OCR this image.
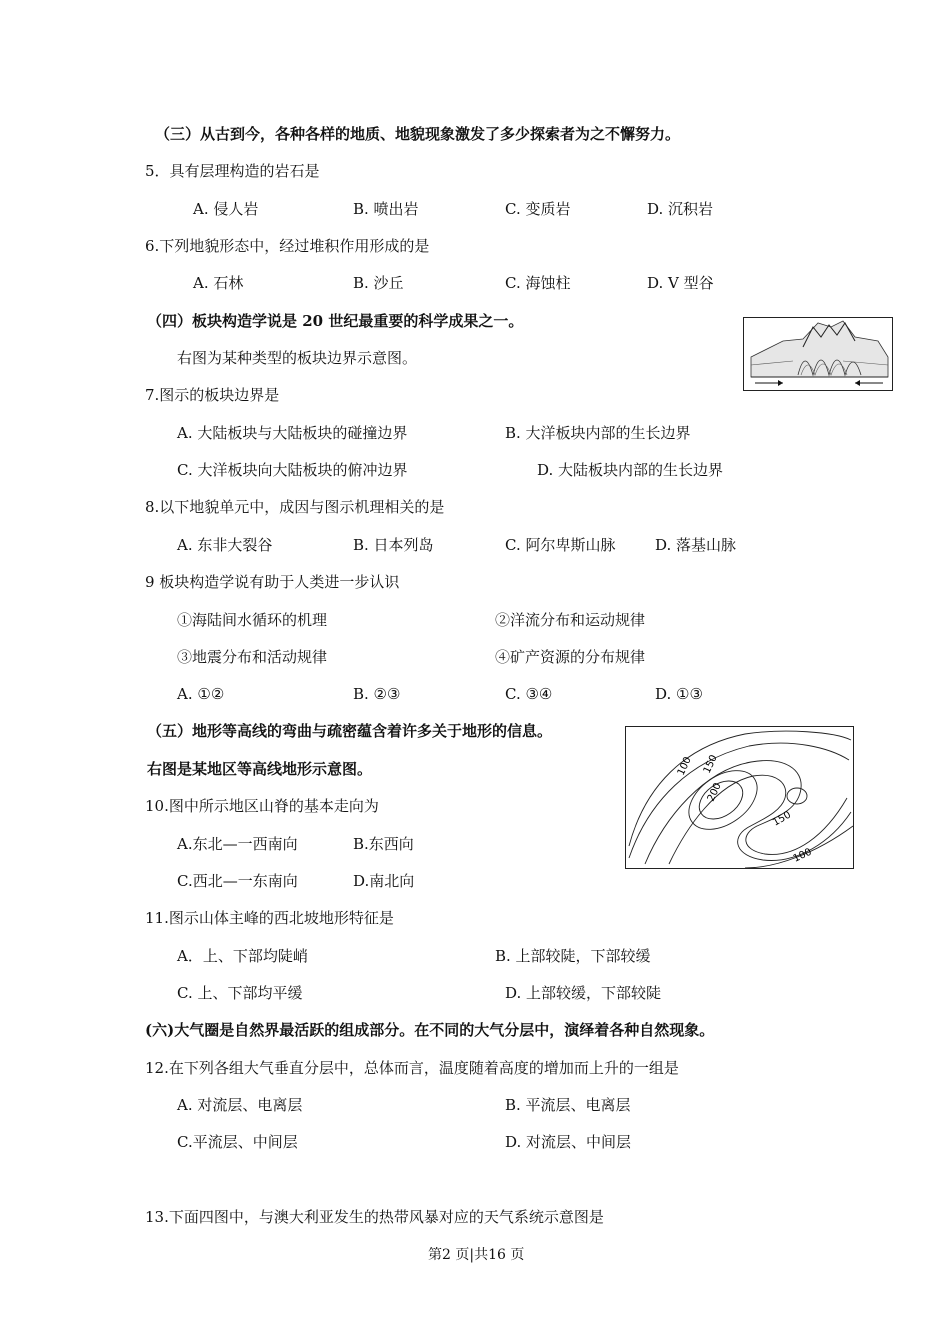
（三）从古到今，各种各样的地质、地貌现象激发了多少探索者为之不懈努力。
5．具有层理构造的岩石是
A. 侵人岩	B. 喷出岩	C. 变质岩	D. 沉积岩
6.下列地貌形态中，经过堆积作用形成的是
A. 石林	B. 沙丘	C. 海蚀柱	D. V 型谷
（四）板块构造学说是 20 世纪最重要的科学成果之一。
右图为某种类型的板块边界示意图。
7.图示的板块边界是
A. 大陆板块与大陆板块的碰撞边界	B. 大洋板块内部的生长边界
C. 大洋板块向大陆板块的俯冲边界	D. 大陆板块内部的生长边界
8.以下地貌单元中，成因与图示机理相关的是
A. 东非大裂谷	B. 日本列岛	C. 阿尔卑斯山脉	D. 落基山脉
9 板块构造学说有助于人类进一步认识
①海陆间水循环的机理	②洋流分布和运动规律
③地震分布和活动规律	④矿产资源的分布规律
A. ①②	B. ②③	C. ③④	D. ①③
（五）地形等高线的弯曲与疏密蕴含着许多关于地形的信息。
右图是某地区等高线地形示意图。	100 150
200
150
100
10.图中所示地区山脊的基本走向为
A.东北—一西南向	B.东西向
C.西北—一东南向	D.南北向
11.图示山体主峰的西北坡地形特征是
A．上、下部均陡峭	B. 上部较陡，下部较缓
C. 上、下部均平缓	D. 上部较缓，下部较陡
(六)大气圈是自然界最活跃的组成部分。在不同的大气分层中，演绎着各种自然现象。
12.在下列各组大气垂直分层中，总体而言，温度随着高度的增加而上升的一组是
A. 对流层、电离层	B. 平流层、电离层
C.平流层、中间层	D. 对流层、中间层
13.下面四图中，与澳大利亚发生的热带风暴对应的天气系统示意图是
第2 页|共16 页
